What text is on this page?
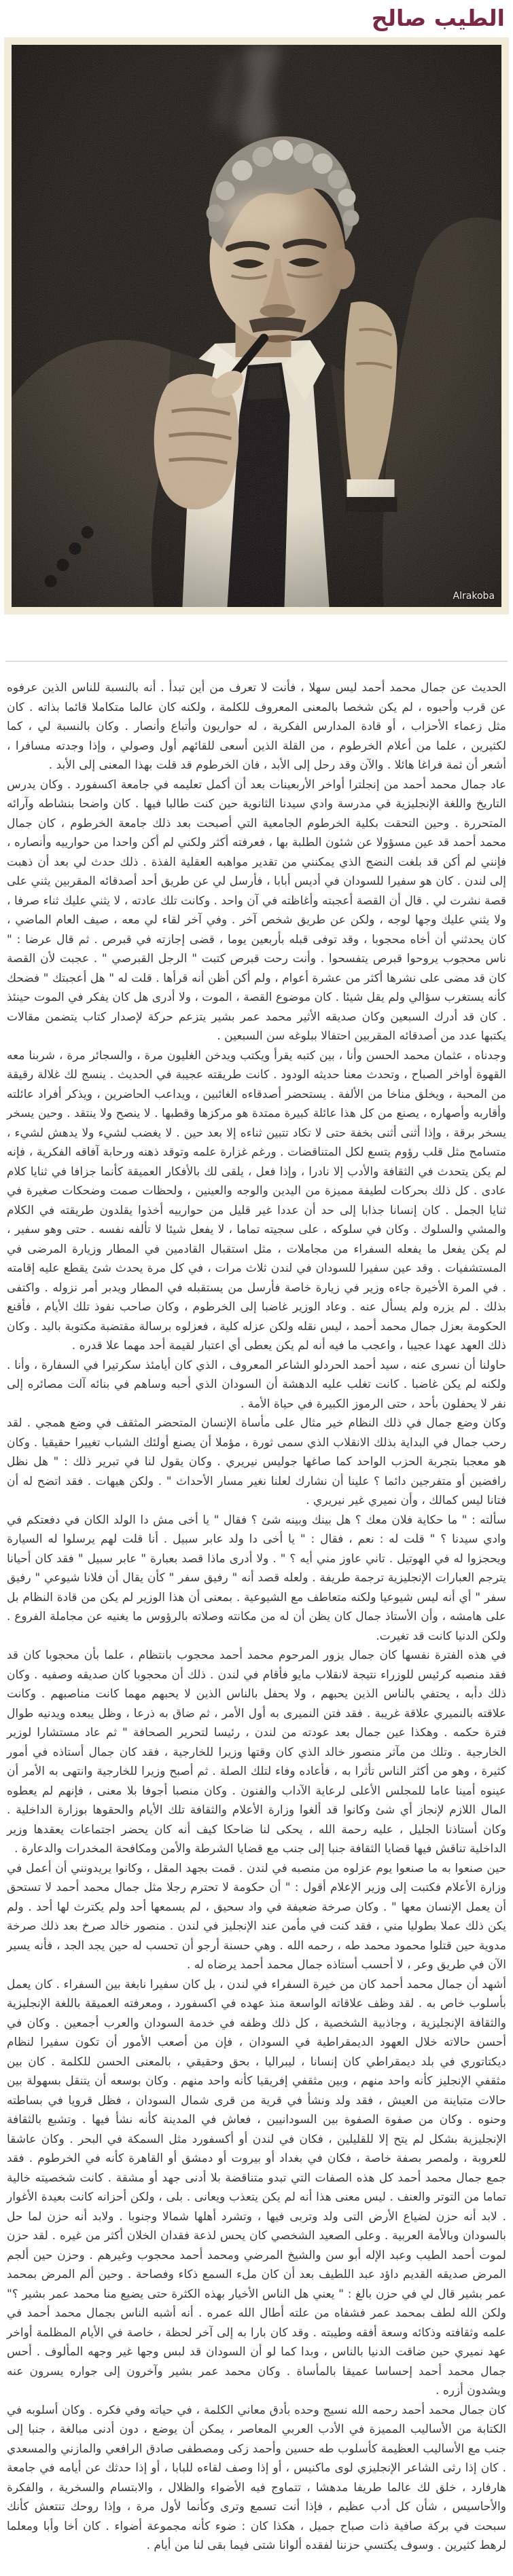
الطيب صالح
Alrakoba

الحديث عن جمال محمد أحمد ليس سهلا ، فأنت لا تعرف من أين تبدأ . أنه بالنسبة للناس الذين عرفوه عن قرب وأحبوه ، لم يكن شخصا بالمعنى المعروف للكلمة ، ولكنه كان عالما متكاملا قائما بذاته . كان مثل زعماء الأحزاب ، أو قادة المدارس الفكرية ، له حواريون وأتباع وأنصار . وكان بالنسبة لي ، كما لكثيرين ، علما من أعلام الخرطوم ، من القلة الذين أسعى للقائهم أول وصولي ، وإذا وجدته مسافرا ، أشعر أن ثمة فراغا هائلا . والآن وقد رحل إلى الأبد ، فان الخرطوم قد قلت بهذا المعنى إلى الأبد .

عاد جمال محمد أحمد من إنجلترا أواخر الأربعينات بعد أن أكمل تعليمه في جامعة اكسفورد . وكان يدرس التاريخ واللغة الإنجليزية في مدرسة وادي سيدنا الثانوية حين كنت طالبا فيها . كان واضحا بنشاطه وآرائه المتحررة . وحين التحقت بكلية الخرطوم الجامعية التي أصبحت بعد ذلك جامعة الخرطوم ، كان جمال محمد أحمد قد عين مسؤولا عن شئون الطلبة بها ، فعرفته أكثر ولكني لم أكن واحدا من حوارييه وأنصاره ، فإنني لم أكن قد بلغت النضج الذي يمكنني من تقدير مواهبه العقلية الفذة . ذلك حدث لي بعد أن ذهبت إلى لندن . كان هو سفيرا للسودان في أديس أبابا ، فأرسل لي عن طريق أحد أصدقائه المقربين يثني على قصة نشرت لي . قال أن القصة أعجبته وأغاظته في آن واحد . وكانت تلك عادته ، لا يثني عليك ثناء صرفا ، ولا يثني عليك وجها لوجه ، ولكن عن طريق شخص آخر . وفي آخر لقاء لي معه ، صيف العام الماضي ، كان يحدثني أن أخاه محجوبا ، وقد توفى قبله بأربعين يوما ، قضى إجازته في قبرص . ثم قال عرضا : " ناس محجوب يروحوا قبرص يتفسحوا . وأنت رحت قبرص كتبت " الرجل القبرصي " . عجبت لأن القصة كان قد مضى على نشرها أكثر من عشرة أعوام ، ولم أكن أظن أنه قرأها . قلت له " هل أعجبتك " فضحك كأنه يستغرب سؤالي ولم يقل شيئا . كان موضوع القصة ، الموت ، ولا أدرى هل كان يفكر في الموت حينئذ . كان قد أدرك السبعين وكان صديقه الأثير محمد عمر بشير يتزعم حركة لإصدار كتاب يتضمن مقالات يكتبها عدد من أصدقائه المقربين احتفالا ببلوغه سن السبعين .

وجدناه ، عثمان محمد الحسن وأنا ، بين كتبه يقرأ ويكتب ويدخن الغليون مرة ، والسجائر مرة ، شربنا معه القهوة أواخر الصباح ، وتحدث معنا حديثه الودود . كانت طريقته عجيبة في الحديث . ينسج لك غلالة رقيقة من المحبة ، ويخلق مناخا من الألفة . يستحضر أصدقاءه الغائبين ، ويداعب الحاضرين ، ويذكر أفراد عائلته وأقاربه وأصهاره ، يصنع من كل هذا عائلة كبيرة ممتدة هو مركزها وقطبها . لا ينصح ولا ينتقد . وحين يسخر يسخر برقة ، وإذا أثنى أثنى بخفة حتى لا تكاد تتبين ثناءه إلا بعد حين . لا يغضب لشيء ولا يدهش لشيء ، متسامح مثل قلب رؤوم يتسع لكل المتناقضات . ورغم غزارة علمه وتوقد ذهنه ورحابة آفاقه الفكرية ، فإنه لم يكن يتحدث في الثقافة والأدب إلا نادرا ، وإذا فعل ، يلقى لك بالأفكار العميقة كأنما جزافا في ثنايا كلام عادى . كل ذلك بحركات لطيفة مميزة من اليدين والوجه والعينين ، ولحظات صمت وضحكات صغيرة في ثنايا الجمل . كان إنسانا جذابا إلى حد أن عددا غير قليل من حوارييه أخذوا يقلدون طريقته في الكلام والمشي والسلوك . وكان في سلوكه ، على سجيته تماما ، لا يفعل شيئا لا تألفه نفسه . حتى وهو سفير ، لم يكن يفعل ما يفعله السفراء من مجاملات ، مثل استقبال القادمين في المطار وزيارة المرضى في المستشفيات . وقد عين سفيرا للسودان في لندن ثلاث مرات ، في كل مرة يحدث شئ يقطع عليه إقامته . في المرة الأخيرة جاءه وزير في زيارة خاصة فأرسل من يستقبله في المطار ويدبر أمر نزوله . واكتفى بذلك . لم يزره ولم يسأل عنه . وعاد الوزير غاضبا إلى الخرطوم ، وكان صاحب نفوذ تلك الأيام ، فأقنع الحكومة بعزل جمال محمد أحمد ، ليس نقله ولكن عزله كلية ، فعزلوه برسالة مقتضبة مكتوبة باليد . وكان ذلك العهد عهدا عجيبا ، واعجب ما فيه أنه لم يكن يعطى أي اعتبار لقيمة أحد مهما علا قدره .

حاولنا أن نسرى عنه ، سيد أحمد الحردلو الشاعر المعروف ، الذي كان أيامئذ سكرتيرا في السفارة ، وأنا . ولكنه لم يكن غاضبا . كانت تغلب عليه الدهشة أن السودان الذي أحبه وساهم في بنائه آلت مصائره إلى نفر لا يحفلون بأحد ، حتى الرموز الكبيرة في حياة الأمة .

وكان وضع جمال في ذلك النظام خير مثال على مأساة الإنسان المتحضر المثقف في وضع همجي . لقد رحب جمال في البداية بذلك الانقلاب الذي سمى ثورة ، مؤملا أن يصنع أولئك الشباب تغييرا حقيقيا . وكان هو معجبا بتجربة الحزب الواحد كما صاغها جوليس نيريري . وكان يقول لنا في تبرير ذلك : " هل نظل رافضين أو متفرجين دائما ؟ علينا أن نشارك لعلنا نغير مسار الأحداث " . ولكن هيهات . فقد اتضح له أن فتانا ليس كمالك ، وأن نميري غير نيريري .

سألته : " ما حكاية فلان معك ؟ هل بينك وبينه شئ ؟ فقال " يا أخى مش دا الولد الكان في دفعتكم في وادي سيدنا ؟ " قلت له : نعم ، فقال : " يا أخى دا ولد عابر سبيل . أنا قلت لهم يرسلوا له السيارة ويحجزوا له في الهوتيل . تاني عاوز مني أيه ؟ " . ولا أدرى ماذا قصد بعبارة " عابر سبيل " فقد كان أحيانا يترجم العبارات الإنجليزية ترجمة طريفة . ولعله قصد أنه " رفيق سفر " كأن يقال أن فلانا شيوعي " رفيق سفر " أي أنه ليس شيوعيا ولكنه متعاطف مع الشيوعية . بمعنى أن هذا الوزير لم يكن من قادة النظام بل على هامشه ، وأن الأستاذ جمال كان يظن أن له من مكانته وصلاته بالرؤوس ما يغنيه عن مجاملة الفروع . ولكن الدنيا كانت قد تغيرت.

في هذه الفترة نفسها كان جمال يزور المرحوم محمد أحمد محجوب بانتظام ، علما بأن محجوبا كان قد فقد منصبه كرئيس للوزراء نتيجة لانقلاب مايو فأقام في لندن . ذلك أن محجوبا كان صديقه وصفيه . وكان ذلك دأبه ، يحتفي بالناس الذين يحبهم ، ولا يحفل بالناس الذين لا يحبهم مهما كانت مناصبهم . وكانت علاقته بالنميري علاقة غريبة . فقد فتن النميرى به أول الأمر ، ثم ضاق به ذرعا ، وظل يبعده ويدنيه طوال فترة حكمه . وهكذا عين جمال بعد عودته من لندن ، رئيسا لتحرير الصحافة " ثم عاد مستشارا لوزير الخارجية . وتلك من مآثر منصور خالد الذي كان وقتها وزيرا للخارجية ، فقد كان جمال أستاذه في أمور كثيرة ، وهو من أكثر الناس تأثرا به ، فأعاده وفاء لتلك الصلة . ثم أصبح وزيرا للخارجية وانتهى به الأمر أن عينوه أمينا عاما للمجلس الأعلى لرعاية الآداب والفنون . وكان منصبا أجوفا بلا معنى ، فإنهم لم يعطوه المال اللازم لإنجاز أي شئ وكانوا قد ألغوا وزارة الأعلام والثقافة تلك الأيام والحقوها بوزارة الداخلية . وكان أستاذنا الجليل ، عليه رحمة الله ، يحكى لنا ضاحكا كيف أنه كان يحضر اجتماعات يعقدها وزير الداخلية تناقش فيها قضايا الثقافة جنبا إلى جنب مع قضايا الشرطة والأمن ومكافحة المخدرات والدعارة .

حين صنعوا به ما صنعوا يوم عزلوه من منصبه في لندن . قمت بجهد المقل ، وكانوا يريدونني أن أعمل في وزارة الأعلام فكتبت إلى وزير الإعلام أقول : " أن حكومة لا تحترم رجلا مثل جمال محمد أحمد لا تستحق أن يعمل الإنسان معها " . وكان صرخة ضعيفة في واد سحيق ، لم يسمعها أحد ولم يكترث لها أحد . ولم يكن ذلك عملا بطوليا مني ، فقد كنت في مأمن عند الإنجليز في لندن . منصور خالد صرخ بعد ذلك صرخة مدوية حين قتلوا محمود محمد طه ، رحمه الله . وهي حسنة أرجو أن تحسب له حين يجد الجد ، فأنه يسير الآن في طريق وعر ، لا أحسب أستاذه جمال محمد أحمد يرضاه له .

أشهد أن جمال محمد أحمد كان من خيرة السفراء في لندن ، بل كان سفيرا نابغة بين السفراء . كان يعمل بأسلوب خاص به . لقد وظف علاقاته الواسعة منذ عهده في اكسفورد ، ومعرفته العميقة باللغة الإنجليزية والثقافة الإنجليزية ، وجاذبية الشخصية ، كل ذلك وظفه في خدمة السودان والعرب أجمعين . وكان في أحسن حالاته خلال العهود الديمقراطية في السودان ، فإن من أصعب الأمور أن تكون سفيرا لنظام ديكتاتوري في بلد ديمقراطي كان إنسانا ، ليبراليا ، بحق وحقيقي ، بالمعنى الحسن للكلمة . كان بين مثقفي الإنجليز كأنه واحد منهم ، وبين مثقفي إفريقيا كأنه واحد منهم . وكان بوسعه أن يتنقل بسهولة بين حالات متباينة من العيش ، فقد ولد ونشأ في قرية من قرى شمال السودان ، فظل قرويا في بساطته وحنوه . وكان من صفوة الصفوة بين السودانيين ، فعاش في المدينة كأنه نشأ فيها . وتشبع بالثقافة الإنجليزية بشكل لم يتح إلا للقليلين ، فكان في لندن أو أكسفورد مثل السمكة في البحر . وكان عاشقا للعروبة ، ولمصر بصفة خاصة ، فكان في بغداد أو بيروت أو دمشق أو القاهرة كأنه في الخرطوم . فقد جمع جمال محمد أحمد كل هذه الصفات التي تبدو متناقضة بلا أدنى جهد أو مشقة . كانت شخصيته خالية تماما من التوتر والعنف . ليس معنى هذا أنه لم يكن يتعذب ويعانى . بلى ، ولكن أحزانه كانت بعيدة الأغوار . لابد أنه حزن لضياع الأرض التى ولد وتربى فيها ، وتشرد أهلها شمالا وجنوبا . ولابد أنه حزن لما حل بالسودان وبالأمة العربية . وعلى الصعيد الشخصي كان يحس لذعة فقدان الخلان أكثر من غيره . لقد حزن لموت أحمد الطيب وعبد الإله أبو سن والشيخ المرضي ومحمد أحمد محجوب وغيرهم . وحزن حين ألجم المرض صديقه القديم داؤد عبد اللطيف بعد أن كان ملء السمع ذكاء وفصاحة . وحين ألم المرض بمحمد عمر بشير قال لي في حزن بالغ : " يعني هل الناس الأخيار بهذه الكثرة حتى يضيع منا محمد عمر بشير ؟" ولكن الله لطف بمحمد عمر فشفاه من علته أطال الله عمره . أنه أشبه الناس بجمال محمد أحمد في علمه وثقافته وذكائه وسعة أفقه وطيبته . وقد كان بارا به إلى آخر لحظة ، خاصة في الأيام المظلمة أواخر عهد نميري حين ضاقت الدنيا بالناس ، وبدا كما لو أن السودان قد لبس وجها غير وجهه المألوف . أحس جمال محمد أحمد إحساسا عميقا بالمأساة . وكان محمد عمر بشير وآخرون إلى جواره يسرون عنه ويشدون أزره .

كان جمال محمد أحمد رحمه الله نسيج وحده بأدق معاني الكلمة ، في حياته وفي فكره . وكان أسلوبه في الكتابة من الأساليب المميزة في الأدب العربي المعاصر ، يمكن أن يوضع ، دون أدنى مبالغة ، جنبا إلى جنب مع الأساليب العظيمة كأسلوب طه حسين وأحمد زكى ومصطفى صادق الرافعي والمازني والمسعدي . كان إذا رثى الشاعر الإنجليزي لوى ماكنيس ، أو إذا وصف لقاءه للبابا ، أو إذا حدثك عن أيامه في جامعة هارفارد ، خلق لك عالما طريفا مدهشا ، تتماوج فيه الأضواء والظلال ، والابتسام والسخرية ، والفكرة والأحاسيس ، شأن كل أدب عظيم ، فإذا أنت تسمع وترى وكأنما لأول مرة ، وإذا روحك تنتعش كأنك سبحت في بركة صافية ذات صباح جميل ، هكذا كان : ضوء كأنه مجموعة أضواء . كان أخا وأبا ومعلما لرهط كثيرين . وسوف يكتسي حزننا لفقده ألوانا شتى فيما بقى لنا من أيام .
